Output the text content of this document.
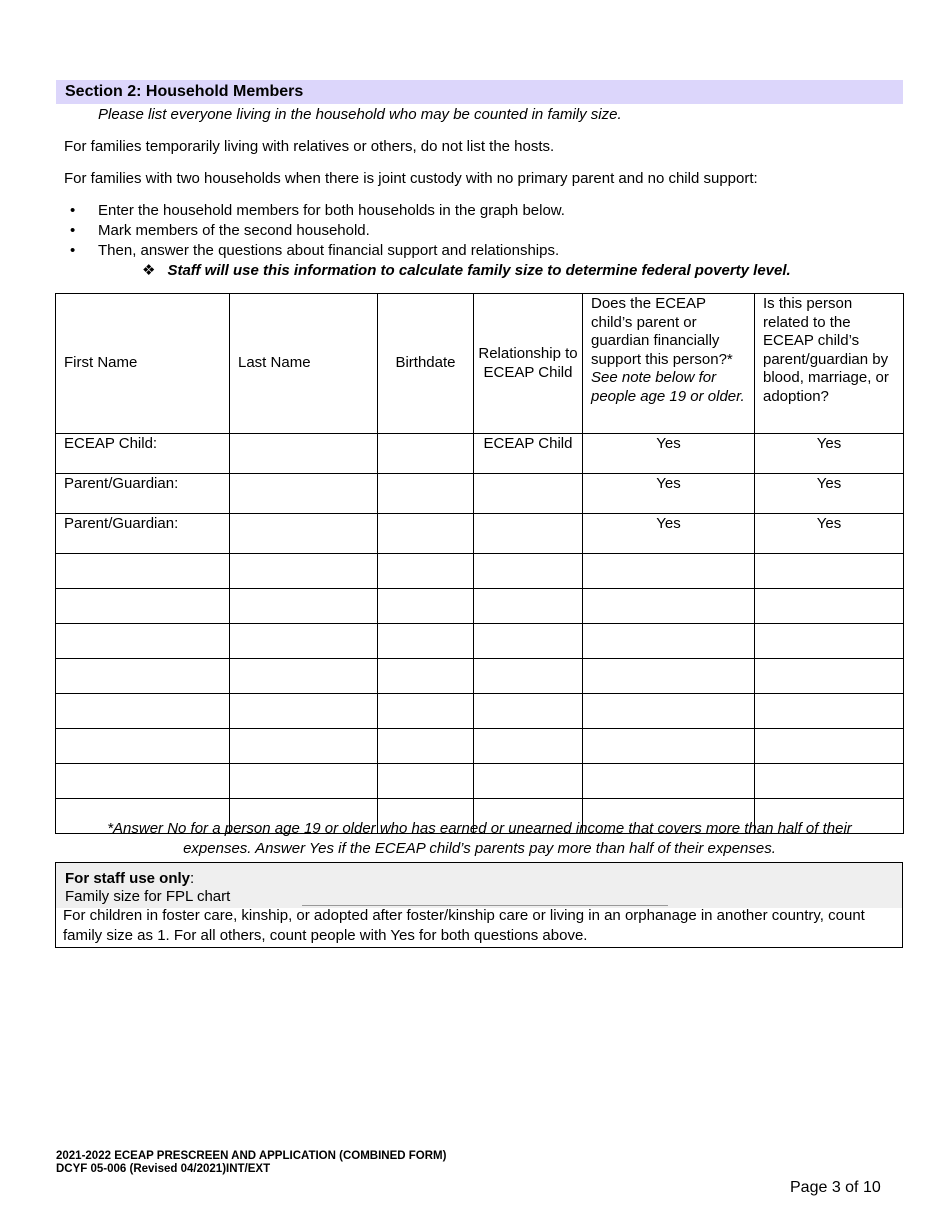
Section 2: Household Members
Please list everyone living in the household who may be counted in family size.
For families temporarily living with relatives or others, do not list the hosts.
For families with two households when there is joint custody with no primary parent and no child support:
• Enter the household members for both households in the graph below.
• Mark members of the second household.
• Then, answer the questions about financial support and relationships.
❖ Staff will use this information to calculate family size to determine federal poverty level.
First Name	Last Name	Birthdate	Relationship to ECEAP Child	Does the ECEAP child’s parent or guardian financially support this person?* See note below for people age 19 or older.	Is this person related to the ECEAP child’s parent/guardian by blood, marriage, or adoption?
ECEAP Child:			ECEAP Child	Yes	Yes
Parent/Guardian:				Yes	Yes
Parent/Guardian:				Yes	Yes

*Answer No for a person age 19 or older who has earned or unearned income that covers more than half of their
expenses. Answer Yes if the ECEAP child’s parents pay more than half of their expenses.
For staff use only:
Family size for FPL chart
For children in foster care, kinship, or adopted after foster/kinship care or living in an orphanage in another country, count family size as 1. For all others, count people with Yes for both questions above.
2021-2022 ECEAP PRESCREEN AND APPLICATION (COMBINED FORM)
DCYF 05-006 (Revised 04/2021)INT/EXT
Page 3 of 10
